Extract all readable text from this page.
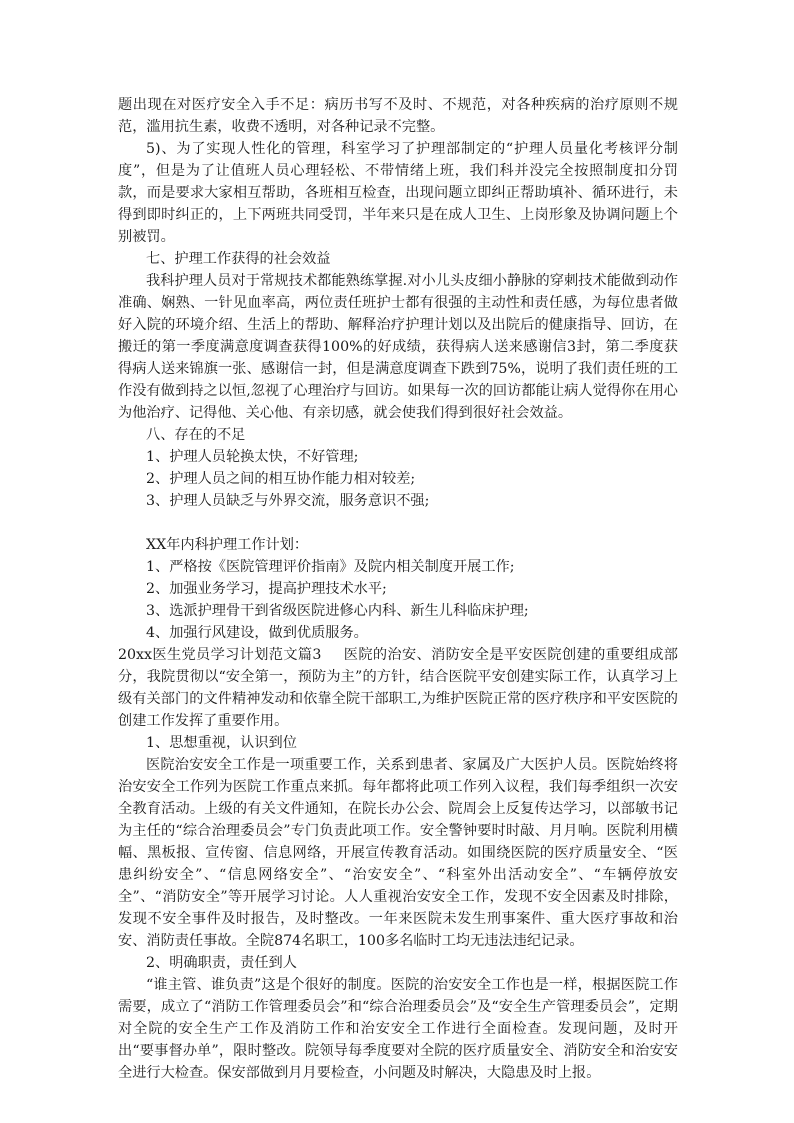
题出现在对医疗安全入手不足：病历书写不及时、不规范，对各种疾病的治疗原则不规范，滥用抗生素，收费不透明，对各种记录不完整。

5)、为了实现人性化的管理，科室学习了护理部制定的“护理人员量化考核评分制度”，但是为了让值班人员心理轻松、不带情绪上班，我们科并没完全按照制度扣分罚款，而是要求大家相互帮助，各班相互检查，出现问题立即纠正帮助填补、循环进行，未得到即时纠正的，上下两班共同受罚，半年来只是在成人卫生、上岗形象及协调问题上个别被罚。

七、护理工作获得的社会效益

我科护理人员对于常规技术都能熟练掌握.对小儿头皮细小静脉的穿刺技术能做到动作准确、娴熟、一针见血率高，两位责任班护士都有很强的主动性和责任感，为每位患者做好入院的环境介绍、生活上的帮助、解释治疗护理计划以及出院后的健康指导、回访，在搬迁的第一季度满意度调查获得100%的好成绩，获得病人送来感谢信3封，第二季度获得病人送来锦旗一张、感谢信一封，但是满意度调查下跌到75%，说明了我们责任班的工作没有做到持之以恒,忽视了心理治疗与回访。如果每一次的回访都能让病人觉得你在用心为他治疗、记得他、关心他、有亲切感，就会使我们得到很好社会效益。

八、存在的不足

1、护理人员轮换太快，不好管理;

2、护理人员之间的相互协作能力相对较差;

3、护理人员缺乏与外界交流，服务意识不强;

XX年内科护理工作计划：

1、严格按《医院管理评价指南》及院内相关制度开展工作;

2、加强业务学习，提高护理技术水平;

3、选派护理骨干到省级医院进修心内科、新生儿科临床护理;

4、加强行风建设，做到优质服务。

20xx医生党员学习计划范文篇3 医院的治安、消防安全是平安医院创建的重要组成部分，我院贯彻以“安全第一，预防为主”的方针，结合医院平安创建实际工作，认真学习上级有关部门的文件精神发动和依靠全院干部职工,为维护医院正常的医疗秩序和平安医院的创建工作发挥了重要作用。

1、思想重视，认识到位

医院治安安全工作是一项重要工作，关系到患者、家属及广大医护人员。医院始终将治安安全工作列为医院工作重点来抓。每年都将此项工作列入议程，我们每季组织一次安全教育活动。上级的有关文件通知，在院长办公会、院周会上反复传达学习，以部敏书记为主任的“综合治理委员会”专门负责此项工作。安全警钟要时时敲、月月响。医院利用横幅、黑板报、宣传窗、信息网络，开展宣传教育活动。如围绕医院的医疗质量安全、“医患纠纷安全”、“信息网络安全”、“治安安全”、“科室外出活动安全”、“车辆停放安全”、“消防安全”等开展学习讨论。人人重视治安安全工作，发现不安全因素及时排除，发现不安全事件及时报告，及时整改。一年来医院未发生刑事案件、重大医疗事故和治安、消防责任事故。全院874名职工，100多名临时工均无违法违纪记录。

2、明确职责，责任到人

“谁主管、谁负责”这是个很好的制度。医院的治安安全工作也是一样，根据医院工作需要，成立了“消防工作管理委员会”和“综合治理委员会”及“安全生产管理委员会”，定期对全院的安全生产工作及消防工作和治安安全工作进行全面检查。发现问题，及时开出“要事督办单”，限时整改。院领导每季度要对全院的医疗质量安全、消防安全和治安安全进行大检查。保安部做到月月要检查，小问题及时解决，大隐患及时上报。
